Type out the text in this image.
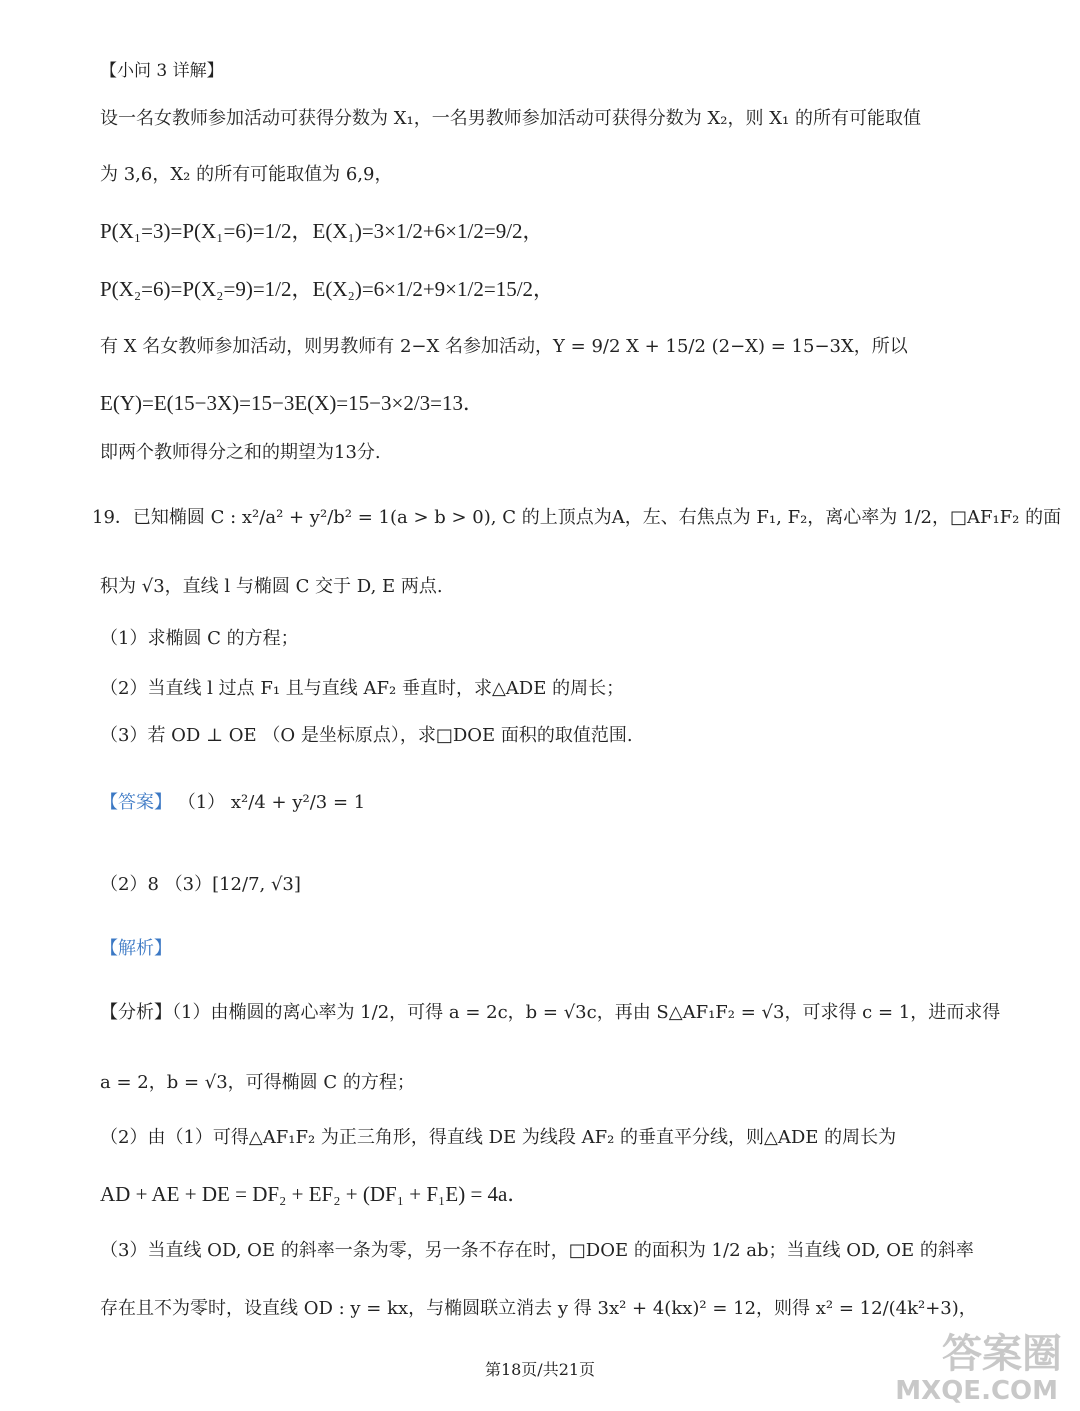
【小问 3 详解】
设一名女教师参加活动可获得分数为 X₁，一名男教师参加活动可获得分数为 X₂，则 X₁ 的所有可能取值
为 3,6，X₂ 的所有可能取值为 6,9，
P(X₁=3)=P(X₁=6)=1/2，E(X₁)=3×1/2+6×1/2=9/2，
P(X₂=6)=P(X₂=9)=1/2，E(X₂)=6×1/2+9×1/2=15/2，
有 X 名女教师参加活动，则男教师有 2−X 名参加活动，Y = 9/2 X + 15/2 (2−X) = 15−3X，所以
E(Y)=E(15−3X)=15−3E(X)=15−3×2/3=13．
即两个教师得分之和的期望为13分.
19．已知椭圆 C : x²/a² + y²/b² = 1(a > b > 0), C 的上顶点为A，左、右焦点为 F₁, F₂，离心率为 1/2，□AF₁F₂ 的面
积为 √3，直线 l 与椭圆 C 交于 D, E 两点.
（1）求椭圆 C 的方程；
（2）当直线 l 过点 F₁ 且与直线 AF₂ 垂直时，求△ADE 的周长；
（3）若 OD ⊥ OE （O 是坐标原点），求□DOE 面积的取值范围.
【答案】 （1） x²/4 + y²/3 = 1
（2）8 （3）[12/7, √3]
【解析】
【分析】（1）由椭圆的离心率为 1/2，可得 a = 2c，b = √3c，再由 S△AF₁F₂ = √3，可求得 c = 1，进而求得
a = 2，b = √3，可得椭圆 C 的方程；
（2）由（1）可得△AF₁F₂ 为正三角形，得直线 DE 为线段 AF₂ 的垂直平分线，则△ADE 的周长为
AD + AE + DE = DF₂ + EF₂ + (DF₁ + F₁E) = 4a．
（3）当直线 OD, OE 的斜率一条为零，另一条不存在时，□DOE 的面积为 1/2 ab；当直线 OD, OE 的斜率
存在且不为零时，设直线 OD : y = kx，与椭圆联立消去 y 得 3x² + 4(kx)² = 12，则得 x² = 12/(4k²+3)，
第18页/共21页	答案圈
MXQE.COM
